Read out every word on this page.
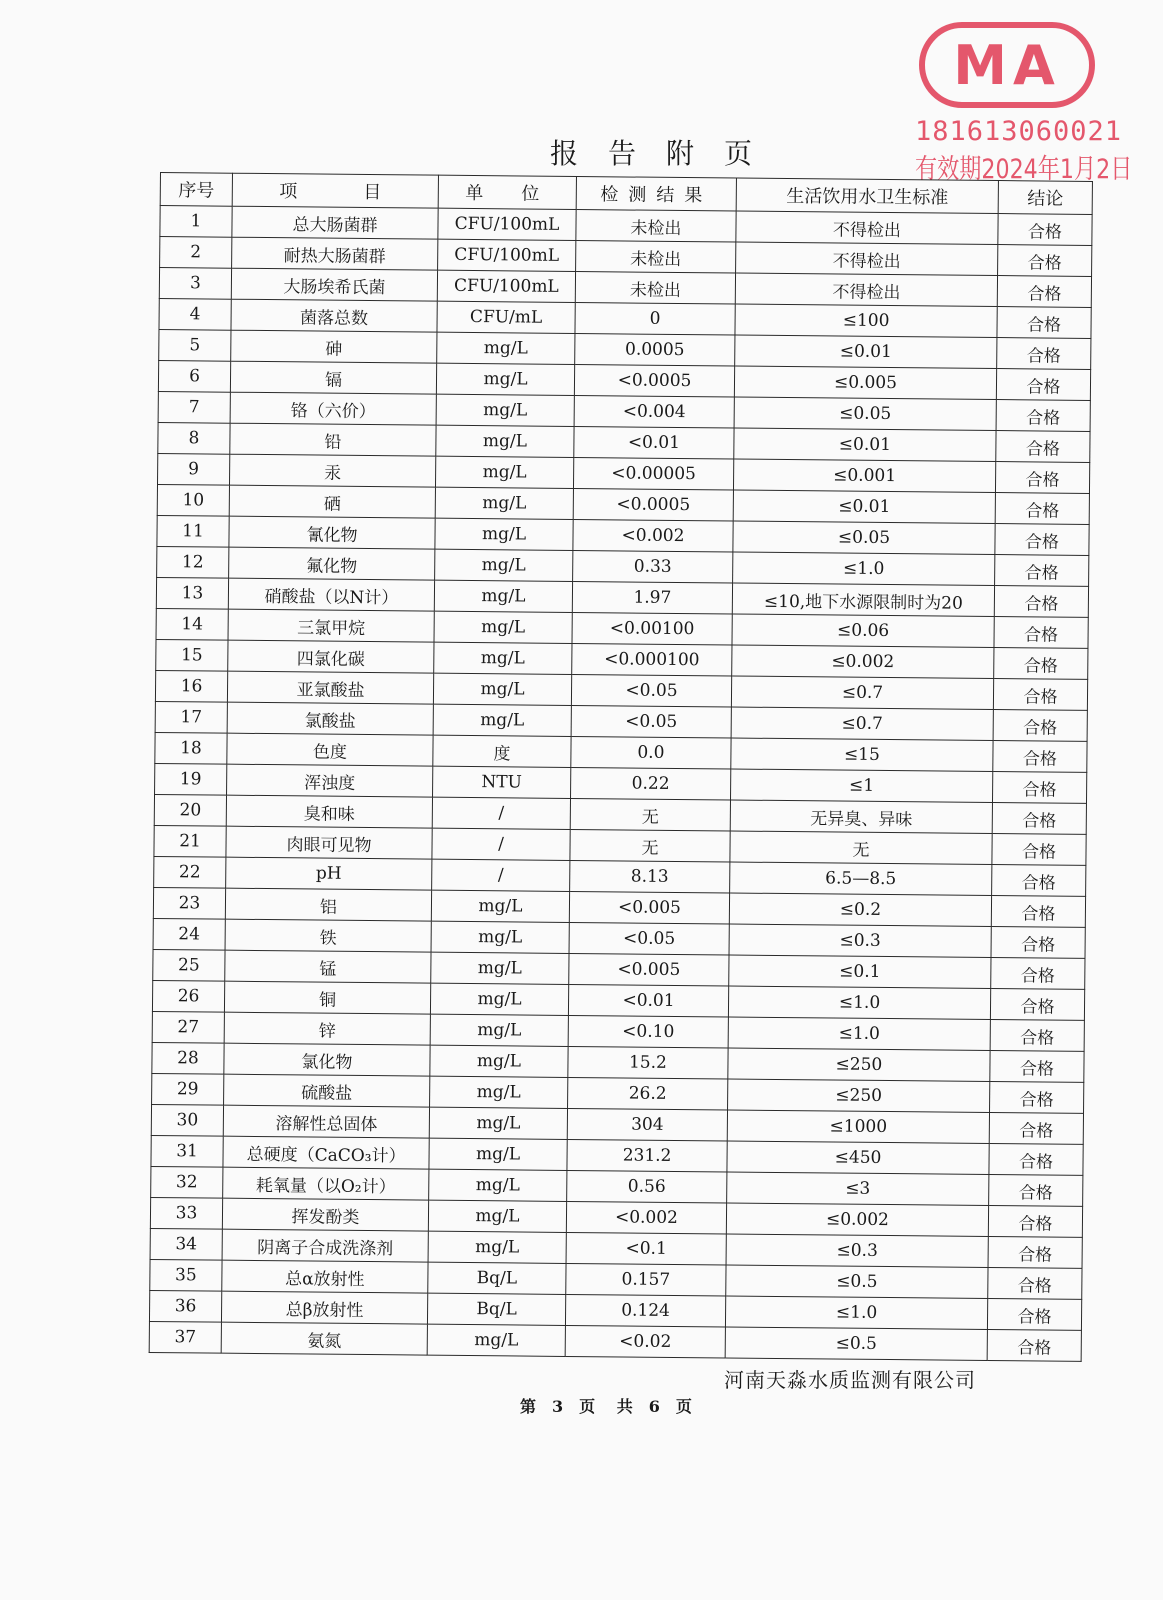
MA
181613060021
有效期2024年1月2日
报告附页
序号	项　　目	单　位	检测结果	生活饮用水卫生标准	结论
1	总大肠菌群	CFU/100mL	未检出	不得检出	合格
2	耐热大肠菌群	CFU/100mL	未检出	不得检出	合格
3	大肠埃希氏菌	CFU/100mL	未检出	不得检出	合格
4	菌落总数	CFU/mL	0	≤100	合格
5	砷	mg/L	0.0005	≤0.01	合格
6	镉	mg/L	<0.0005	≤0.005	合格
7	铬（六价）	mg/L	<0.004	≤0.05	合格
8	铅	mg/L	<0.01	≤0.01	合格
9	汞	mg/L	<0.00005	≤0.001	合格
10	硒	mg/L	<0.0005	≤0.01	合格
11	氰化物	mg/L	<0.002	≤0.05	合格
12	氟化物	mg/L	0.33	≤1.0	合格
13	硝酸盐（以N计）	mg/L	1.97	≤10,地下水源限制时为20	合格
14	三氯甲烷	mg/L	<0.00100	≤0.06	合格
15	四氯化碳	mg/L	<0.000100	≤0.002	合格
16	亚氯酸盐	mg/L	<0.05	≤0.7	合格
17	氯酸盐	mg/L	<0.05	≤0.7	合格
18	色度	度	0.0	≤15	合格
19	浑浊度	NTU	0.22	≤1	合格
20	臭和味	/	无	无异臭、异味	合格
21	肉眼可见物	/	无	无	合格
22	pH	/	8.13	6.5—8.5	合格
23	铝	mg/L	<0.005	≤0.2	合格
24	铁	mg/L	<0.05	≤0.3	合格
25	锰	mg/L	<0.005	≤0.1	合格
26	铜	mg/L	<0.01	≤1.0	合格
27	锌	mg/L	<0.10	≤1.0	合格
28	氯化物	mg/L	15.2	≤250	合格
29	硫酸盐	mg/L	26.2	≤250	合格
30	溶解性总固体	mg/L	304	≤1000	合格
31	总硬度（CaCO₃计）	mg/L	231.2	≤450	合格
32	耗氧量（以O₂计）	mg/L	0.56	≤3	合格
33	挥发酚类	mg/L	<0.002	≤0.002	合格
34	阴离子合成洗涤剂	mg/L	<0.1	≤0.3	合格
35	总α放射性	Bq/L	0.157	≤0.5	合格
36	总β放射性	Bq/L	0.124	≤1.0	合格
37	氨氮	mg/L	<0.02	≤0.5	合格
河南天淼水质监测有限公司
第 3 页 共 6 页
